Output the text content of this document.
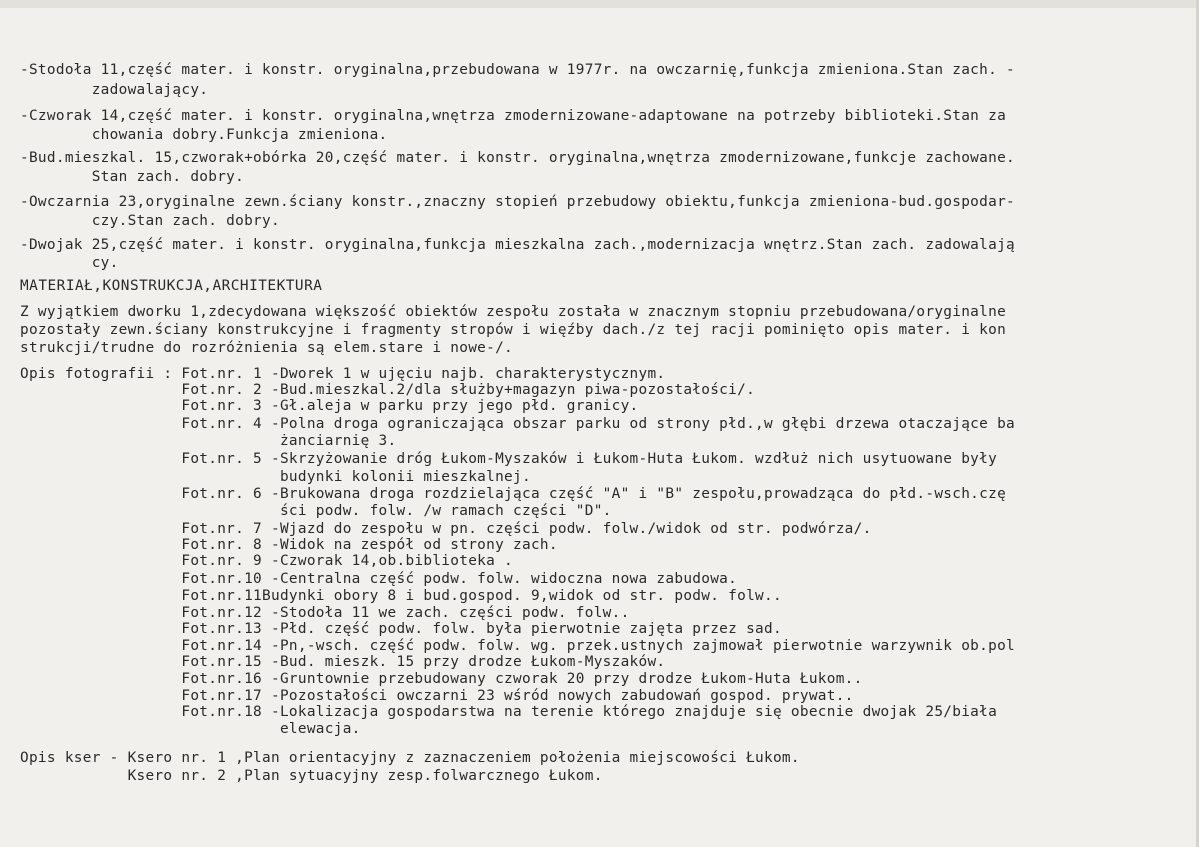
-Stodoła 11,część mater. i konstr. oryginalna,przebudowana w 1977r. na owczarnię,funkcja zmieniona.Stan zach. -
zadowalający.
-Czworak 14,część mater. i konstr. oryginalna,wnętrza zmodernizowane-adaptowane na potrzeby biblioteki.Stan za
chowania dobry.Funkcja zmieniona.
-Bud.mieszkal. 15,czworak+obórka 20,część mater. i konstr. oryginalna,wnętrza zmodernizowane,funkcje zachowane.
Stan zach. dobry.
-Owczarnia 23,oryginalne zewn.ściany konstr.,znaczny stopień przebudowy obiektu,funkcja zmieniona-bud.gospodar-
czy.Stan zach. dobry.
-Dwojak 25,część mater. i konstr. oryginalna,funkcja mieszkalna zach.,modernizacja wnętrz.Stan zach. zadowalają
cy.
MATERIAŁ,KONSTRUKCJA,ARCHITEKTURA
Z wyjątkiem dworku 1,zdecydowana większość obiektów zespołu została w znacznym stopniu przebudowana/oryginalne
pozostały zewn.ściany konstrukcyjne i fragmenty stropów i więźby dach./z tej racji pominięto opis mater. i kon
strukcji/trudne do rozróżnienia są elem.stare i nowe-/.
Opis fotografii : Fot.nr. 1 -Dworek 1 w ujęciu najb. charakterystycznym.
Fot.nr. 2 -Bud.mieszkal.2/dla służby+magazyn piwa-pozostałości/.
Fot.nr. 3 -Gł.aleja w parku przy jego płd. granicy.
Fot.nr. 4 -Polna droga ograniczająca obszar parku od strony płd.,w głębi drzewa otaczające ba
żanciarnię 3.
Fot.nr. 5 -Skrzyżowanie dróg Łukom-Myszaków i Łukom-Huta Łukom. wzdłuż nich usytuowane były
budynki kolonii mieszkalnej.
Fot.nr. 6 -Brukowana droga rozdzielająca część "A" i "B" zespołu,prowadząca do płd.-wsch.czę
ści podw. folw. /w ramach części "D".
Fot.nr. 7 -Wjazd do zespołu w pn. części podw. folw./widok od str. podwórza/.
Fot.nr. 8 -Widok na zespół od strony zach.
Fot.nr. 9 -Czworak 14,ob.biblioteka .
Fot.nr.10 -Centralna część podw. folw. widoczna nowa zabudowa.
Fot.nr.11Budynki obory 8 i bud.gospod. 9,widok od str. podw. folw..
Fot.nr.12 -Stodoła 11 we zach. części podw. folw..
Fot.nr.13 -Płd. część podw. folw. była pierwotnie zajęta przez sad.
Fot.nr.14 -Pn,-wsch. część podw. folw. wg. przek.ustnych zajmował pierwotnie warzywnik ob.pol
Fot.nr.15 -Bud. mieszk. 15 przy drodze Łukom-Myszaków.
Fot.nr.16 -Gruntownie przebudowany czworak 20 przy drodze Łukom-Huta Łukom..
Fot.nr.17 -Pozostałości owczarni 23 wśród nowych zabudowań gospod. prywat..
Fot.nr.18 -Lokalizacja gospodarstwa na terenie którego znajduje się obecnie dwojak 25/biała
elewacja.
Opis kser - Ksero nr. 1 ,Plan orientacyjny z zaznaczeniem położenia miejscowości Łukom.
Ksero nr. 2 ,Plan sytuacyjny zesp.folwarcznego Łukom.
